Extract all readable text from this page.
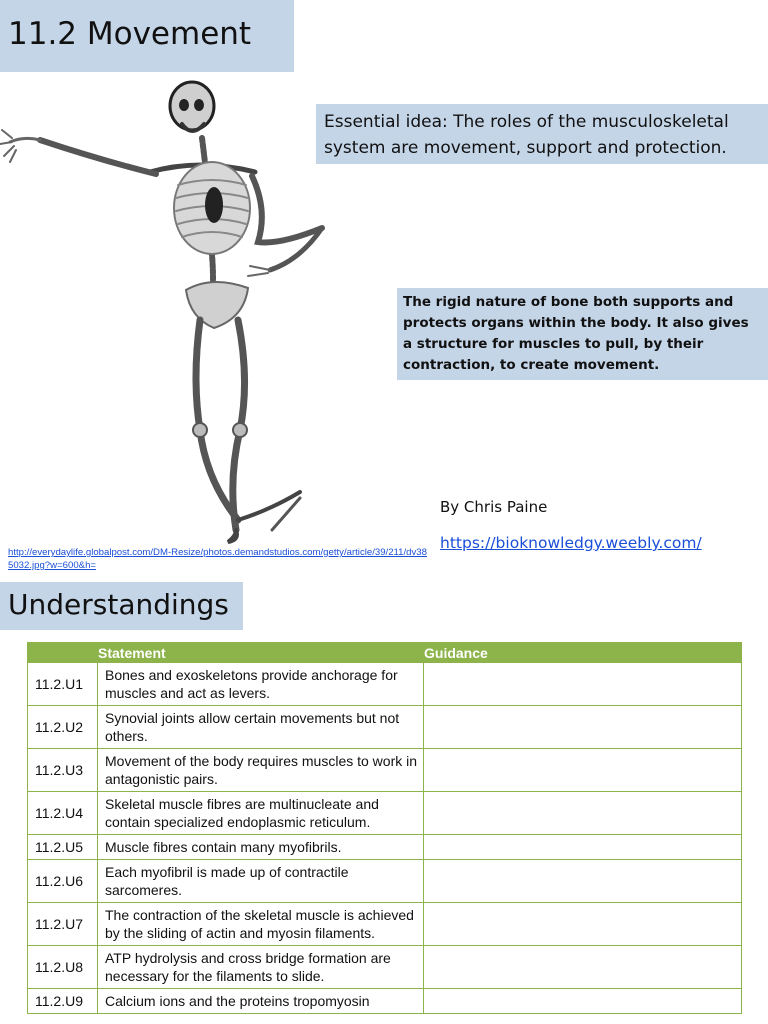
11.2 Movement
Essential idea: The roles of the musculoskeletal system are movement, support and protection.
The rigid nature of bone both supports and protects organs within the body. It also gives a structure for muscles to pull, by their contraction, to create movement.
By Chris Paine
https://bioknowledgy.weebly.com/
http://everydaylife.globalpost.com/DM-Resize/photos.demandstudios.com/getty/article/39/211/dv385032.jpg?w=600&h=
Understandings
	Statement	Guidance
11.2.U1	Bones and exoskeletons provide anchorage for muscles and act as levers.	
11.2.U2	Synovial joints allow certain movements but not others.	
11.2.U3	Movement of the body requires muscles to work in antagonistic pairs.	
11.2.U4	Skeletal muscle fibres are multinucleate and contain specialized endoplasmic reticulum.	
11.2.U5	Muscle fibres contain many myofibrils.	
11.2.U6	Each myofibril is made up of contractile sarcomeres.	
11.2.U7	The contraction of the skeletal muscle is achieved by the sliding of actin and myosin filaments.	
11.2.U8	ATP hydrolysis and cross bridge formation are necessary for the filaments to slide.	
11.2.U9	Calcium ions and the proteins tropomyosin	
